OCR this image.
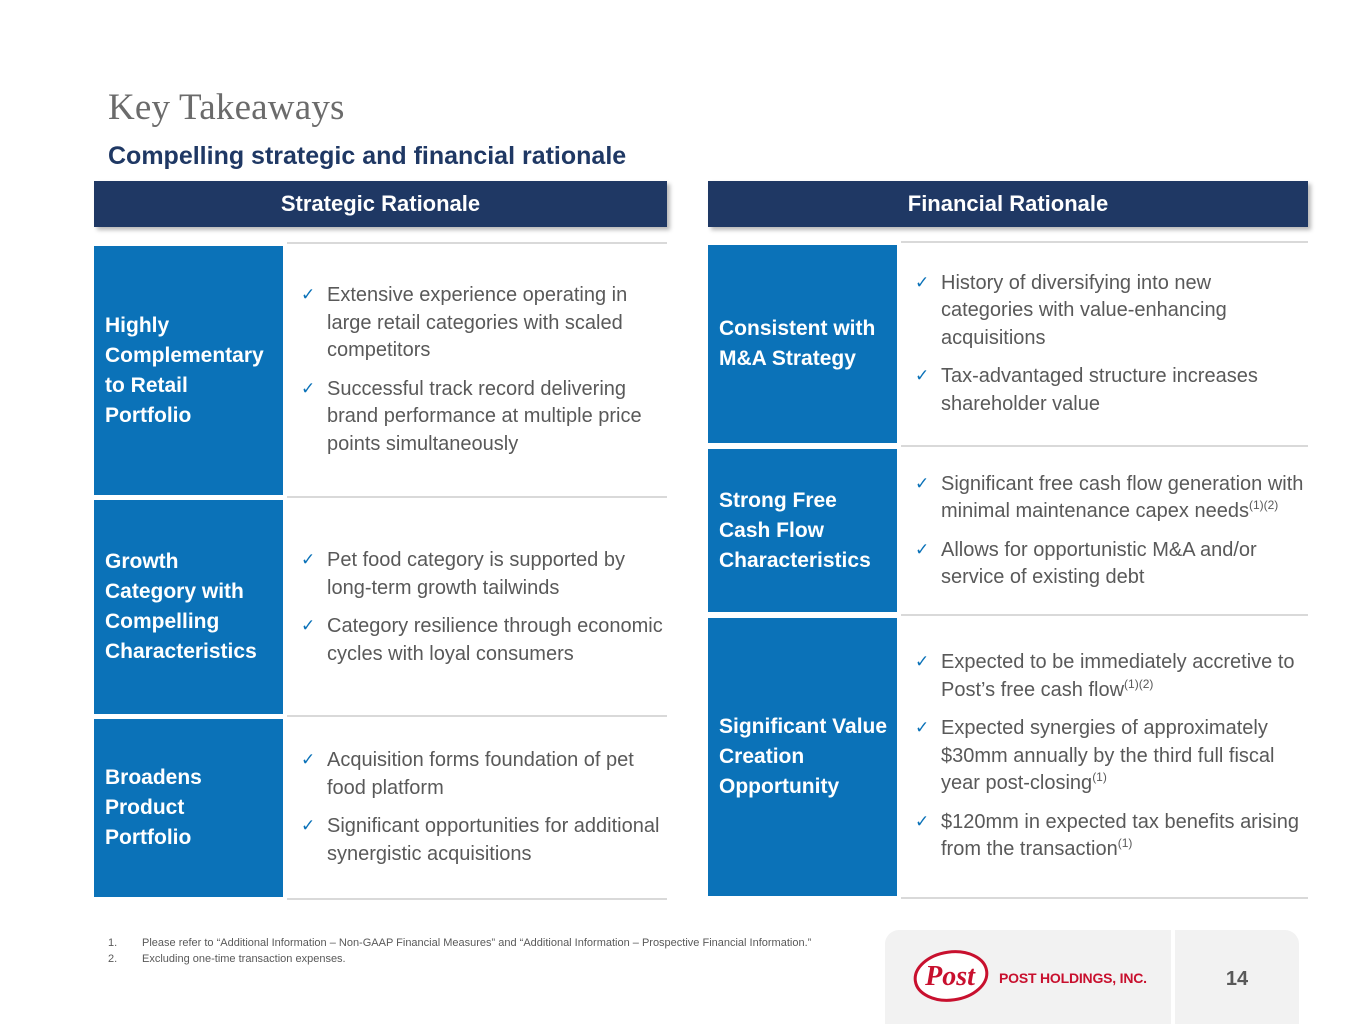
Key Takeaways
Compelling strategic and financial rationale
Strategic Rationale
Highly Complementary to Retail Portfolio
✓ Extensive experience operating in large retail categories with scaled competitors
✓ Successful track record delivering brand performance at multiple price points simultaneously
Growth Category with Compelling Characteristics
✓ Pet food category is supported by long-term growth tailwinds
✓ Category resilience through economic cycles with loyal consumers
Broadens Product Portfolio
✓ Acquisition forms foundation of pet food platform
✓ Significant opportunities for additional synergistic acquisitions
Financial Rationale
Consistent with M&A Strategy
✓ History of diversifying into new categories with value-enhancing acquisitions
✓ Tax-advantaged structure increases shareholder value
Strong Free Cash Flow Characteristics
✓ Significant free cash flow generation with minimal maintenance capex needs$^{(1)(2)}$
✓ Allows for opportunistic M&A and/or service of existing debt
Significant Value Creation Opportunity
✓ Expected to be immediately accretive to Post’s free cash flow$^{(1)(2)}$
✓ Expected synergies of approximately $30mm annually by the third full fiscal year post-closing$^{(1)}$
✓ $120mm in expected tax benefits arising from the transaction$^{(1)}$
1.	Please refer to “Additional Information – Non-GAAP Financial Measures” and “Additional Information – Prospective Financial Information.”
2.	Excluding one-time transaction expenses.
Post POST HOLDINGS, INC.	14
